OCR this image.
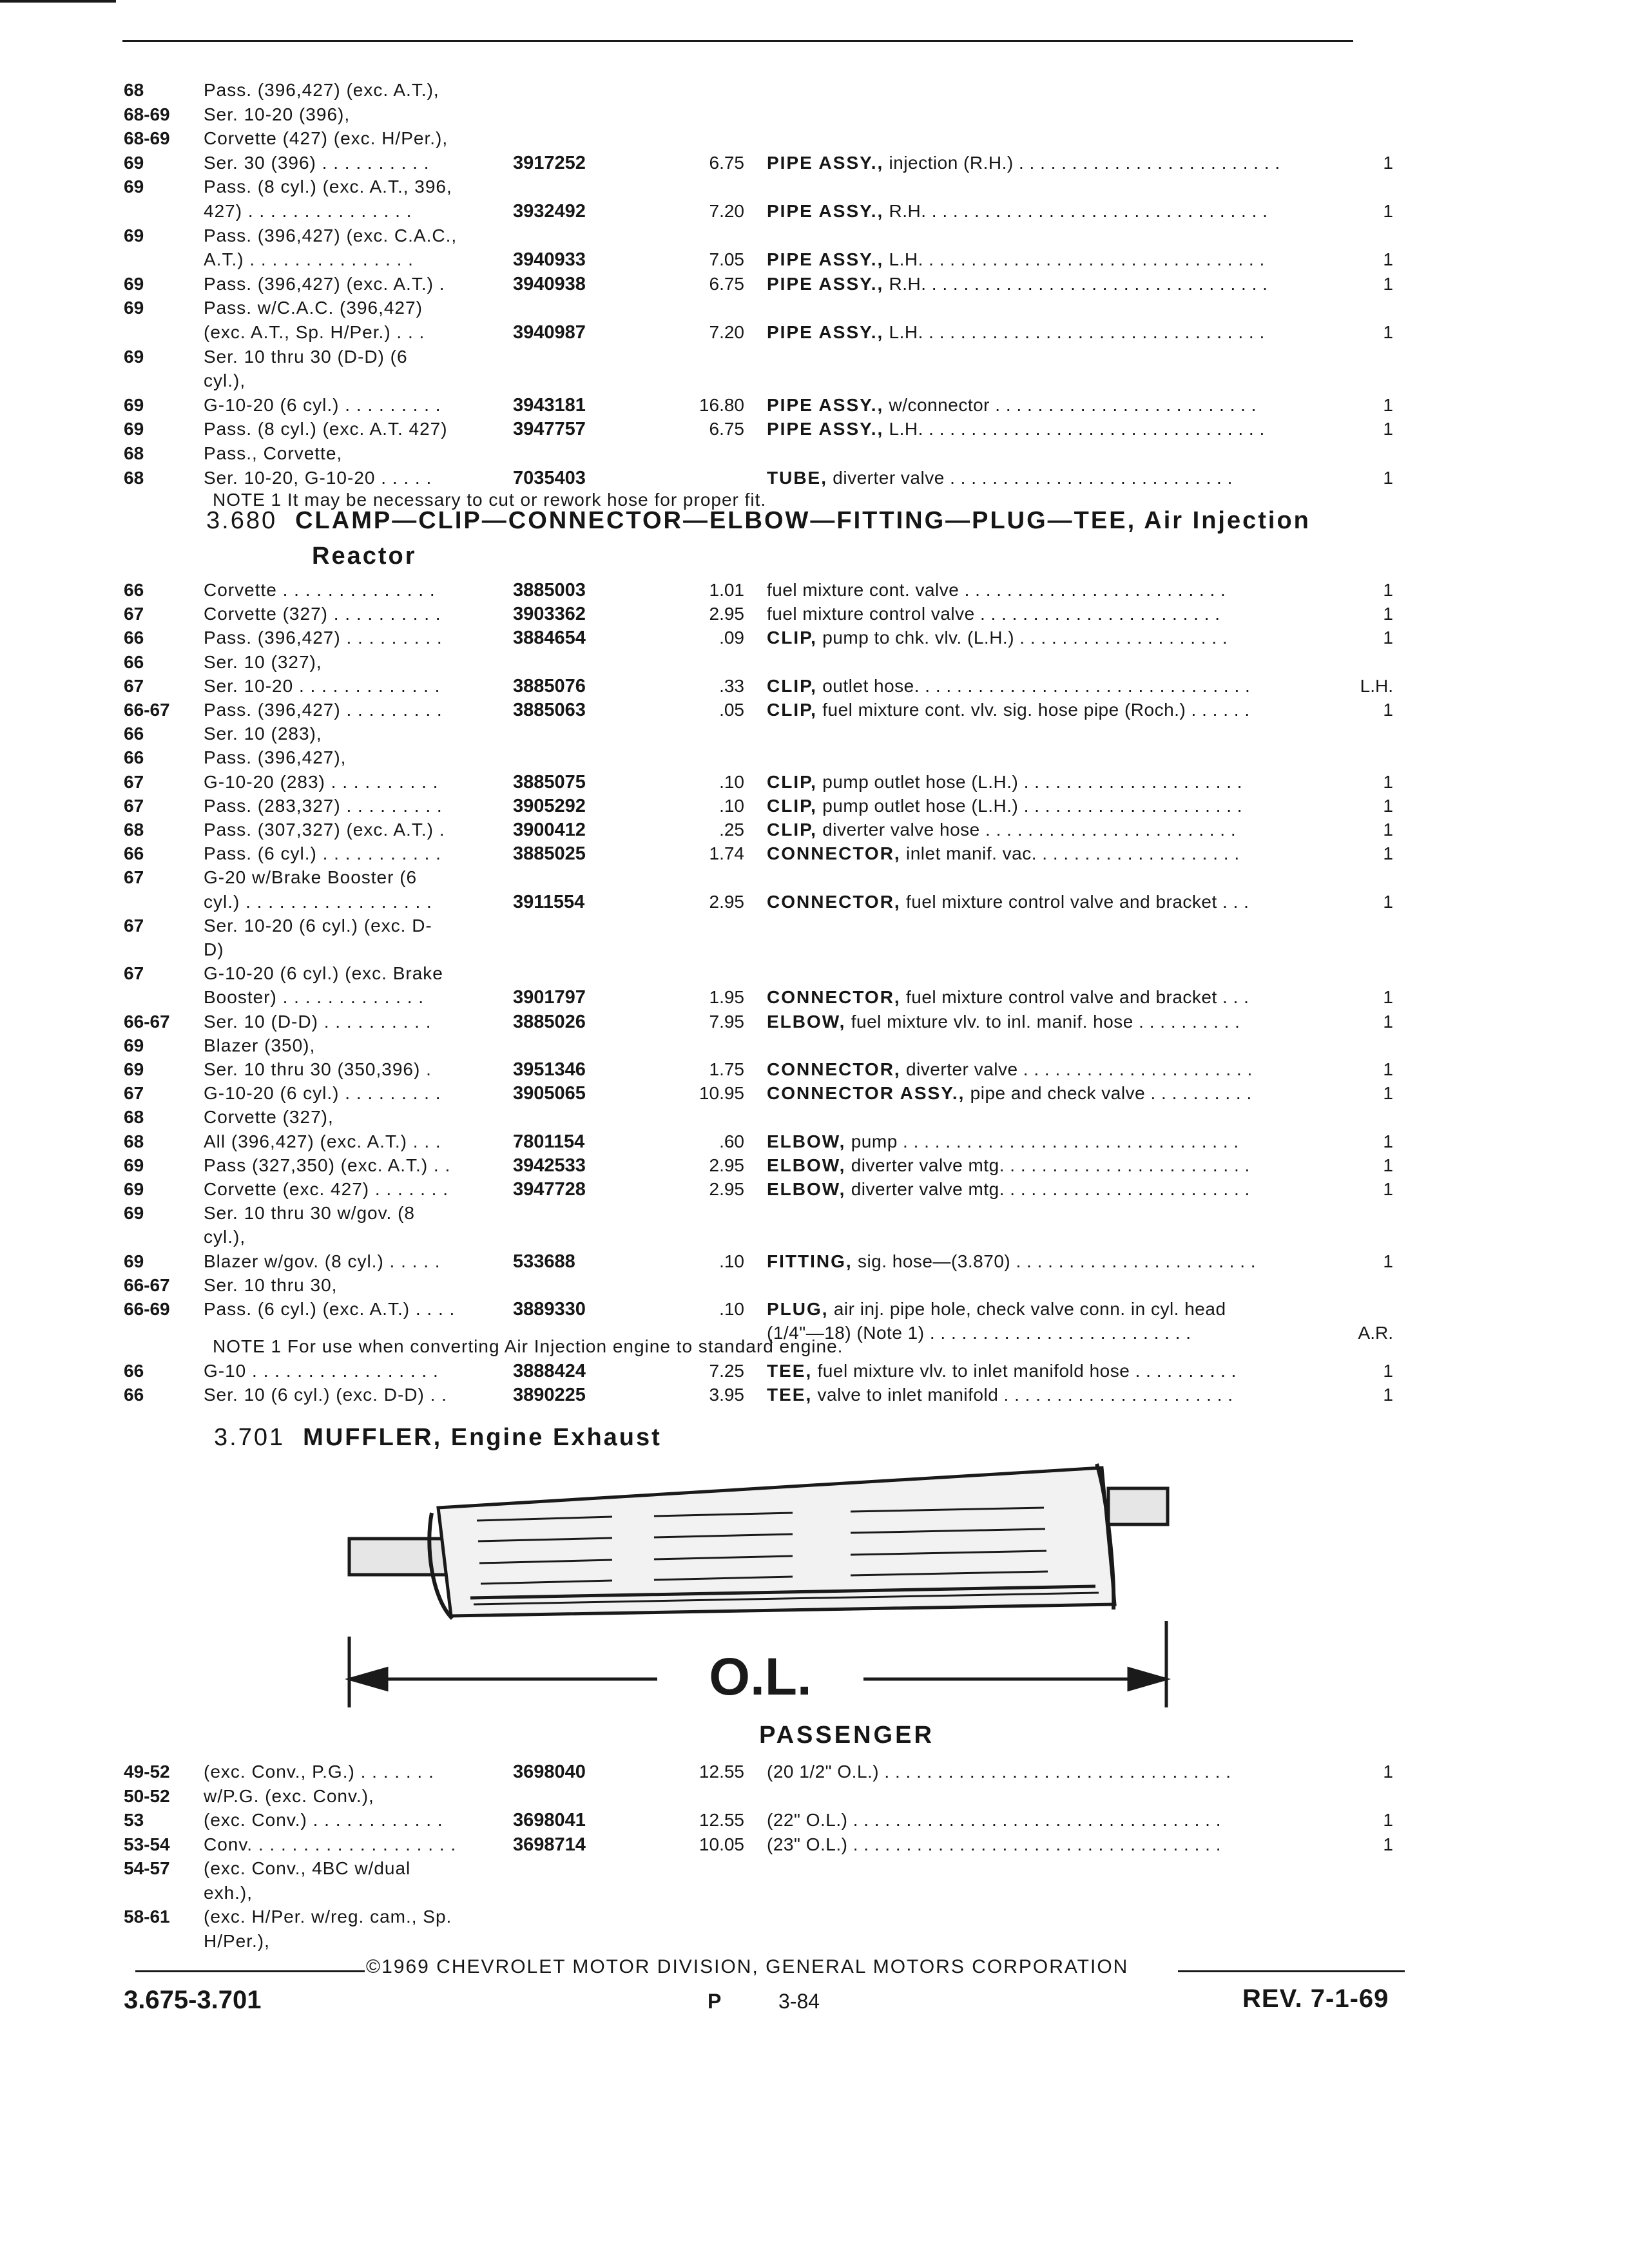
68	Pass. (396,427) (exc. A.T.),
68-69 Ser. 10-20 (396),
68-69 Corvette (427) (exc. H/Per.),
69	Ser. 30 (396) . . . . . . . . . .	3917252	6.75 PIPE ASSY., injection (R.H.) . . . . . . . . . . . . . . . . . . . . . . . . .	1
69	Pass. (8 cyl.) (exc. A.T., 396,
427) . . . . . . . . . . . . . . .	3932492	7.20 PIPE ASSY., R.H. . . . . . . . . . . . . . . . . . . . . . . . . . . . . . . . .	1
69	Pass. (396,427) (exc. C.A.C.,
A.T.) . . . . . . . . . . . . . . .	3940933	7.05 PIPE ASSY., L.H. . . . . . . . . . . . . . . . . . . . . . . . . . . . . . . . .	1
69	Pass. (396,427) (exc. A.T.) .	3940938	6.75 PIPE ASSY., R.H. . . . . . . . . . . . . . . . . . . . . . . . . . . . . . . . .	1
69	Pass. w/C.A.C. (396,427)
(exc. A.T., Sp. H/Per.) . . .	3940987	7.20 PIPE ASSY., L.H. . . . . . . . . . . . . . . . . . . . . . . . . . . . . . . . .	1
69	Ser. 10 thru 30 (D-D) (6
cyl.),
69	G-10-20 (6 cyl.) . . . . . . . . .	3943181	16.80 PIPE ASSY., w/connector . . . . . . . . . . . . . . . . . . . . . . . . .	1
69	Pass. (8 cyl.) (exc. A.T. 427)	3947757	6.75 PIPE ASSY., L.H. . . . . . . . . . . . . . . . . . . . . . . . . . . . . . . . .	1
68	Pass., Corvette,
68	Ser. 10-20, G-10-20 . . . . .	7035403	TUBE, diverter valve . . . . . . . . . . . . . . . . . . . . . . . . . . .	1
NOTE 1 It may be necessary to cut or rework hose for proper fit.
3.680 CLAMP—CLIP—CONNECTOR—ELBOW—FITTING—PLUG—TEE, Air Injection
Reactor
66	Corvette . . . . . . . . . . . . . .	3885003	1.01 fuel mixture cont. valve . . . . . . . . . . . . . . . . . . . . . . . . .	1
67	Corvette (327) . . . . . . . . . .	3903362	2.95 fuel mixture control valve . . . . . . . . . . . . . . . . . . . . . . .	1
66	Pass. (396,427) . . . . . . . . .	3884654	.09 CLIP, pump to chk. vlv. (L.H.) . . . . . . . . . . . . . . . . . . . .	1
66	Ser. 10 (327),
67	Ser. 10-20 . . . . . . . . . . . . .	3885076	.33 CLIP, outlet hose. . . . . . . . . . . . . . . . . . . . . . . . . . . . . . . .	L.H.
66-67 Pass. (396,427) . . . . . . . . .	3885063	.05 CLIP, fuel mixture cont. vlv. sig. hose pipe (Roch.) . . . . . .	1
66	Ser. 10 (283),
66	Pass. (396,427),
67	G-10-20 (283) . . . . . . . . . .	3885075	.10 CLIP, pump outlet hose (L.H.) . . . . . . . . . . . . . . . . . . . . .	1
67	Pass. (283,327) . . . . . . . . .	3905292	.10 CLIP, pump outlet hose (L.H.) . . . . . . . . . . . . . . . . . . . . .	1
68	Pass. (307,327) (exc. A.T.) .	3900412	.25 CLIP, diverter valve hose . . . . . . . . . . . . . . . . . . . . . . . .	1
66	Pass. (6 cyl.) . . . . . . . . . . .	3885025	1.74 CONNECTOR, inlet manif. vac. . . . . . . . . . . . . . . . . . . .	1
67	G-20 w/Brake Booster (6
cyl.) . . . . . . . . . . . . . . . . .	3911554	2.95 CONNECTOR, fuel mixture control valve and bracket . . .	1
67	Ser. 10-20 (6 cyl.) (exc. D-
D)
67	G-10-20 (6 cyl.) (exc. Brake
Booster) . . . . . . . . . . . . .	3901797	1.95 CONNECTOR, fuel mixture control valve and bracket . . .	1
66-67 Ser. 10 (D-D) . . . . . . . . . .	3885026	7.95 ELBOW, fuel mixture vlv. to inl. manif. hose . . . . . . . . . .	1
69	Blazer (350),
69	Ser. 10 thru 30 (350,396) .	3951346	1.75 CONNECTOR, diverter valve . . . . . . . . . . . . . . . . . . . . . .	1
67	G-10-20 (6 cyl.) . . . . . . . . .	3905065	10.95 CONNECTOR ASSY., pipe and check valve . . . . . . . . . .	1
68	Corvette (327),
68	All (396,427) (exc. A.T.) . . .	7801154	.60 ELBOW, pump . . . . . . . . . . . . . . . . . . . . . . . . . . . . . . . .	1
69	Pass (327,350) (exc. A.T.) . .	3942533	2.95 ELBOW, diverter valve mtg. . . . . . . . . . . . . . . . . . . . . . . .	1
69	Corvette (exc. 427) . . . . . . .	3947728	2.95 ELBOW, diverter valve mtg. . . . . . . . . . . . . . . . . . . . . . . .	1
69	Ser. 10 thru 30 w/gov. (8
cyl.),
69	Blazer w/gov. (8 cyl.) . . . . .	533688	.10 FITTING, sig. hose—(3.870) . . . . . . . . . . . . . . . . . . . . . . .	1
66-67 Ser. 10 thru 30,
66-69 Pass. (6 cyl.) (exc. A.T.) . . . .	3889330	.10 PLUG, air inj. pipe hole, check valve conn. in cyl. head
(1/4"—18) (Note 1) . . . . . . . . . . . . . . . . . . . . . . . . .	A.R.
NOTE 1 For use when converting Air Injection engine to standard engine.
66	G-10 . . . . . . . . . . . . . . . . .	3888424	7.25 TEE, fuel mixture vlv. to inlet manifold hose . . . . . . . . . .	1
66	Ser. 10 (6 cyl.) (exc. D-D) . .	3890225	3.95 TEE, valve to inlet manifold . . . . . . . . . . . . . . . . . . . . . .	1
3.701 MUFFLER, Engine Exhaust
O.L.
PASSENGER
49-52 (exc. Conv., P.G.) . . . . . . .	3698040	12.55 (20 1/2" O.L.) . . . . . . . . . . . . . . . . . . . . . . . . . . . . . . . . .	1
50-52 w/P.G. (exc. Conv.),
53	(exc. Conv.) . . . . . . . . . . . .	3698041	12.55 (22" O.L.) . . . . . . . . . . . . . . . . . . . . . . . . . . . . . . . . . . .	1
53-54 Conv. . . . . . . . . . . . . . . . . . .	3698714	10.05 (23" O.L.) . . . . . . . . . . . . . . . . . . . . . . . . . . . . . . . . . . .	1
54-57 (exc. Conv., 4BC w/dual
exh.),
58-61 (exc. H/Per. w/reg. cam., Sp.
H/Per.),
©1969 CHEVROLET MOTOR DIVISION, GENERAL MOTORS CORPORATION
3.675-3.701	P	3-84	REV. 7-1-69
